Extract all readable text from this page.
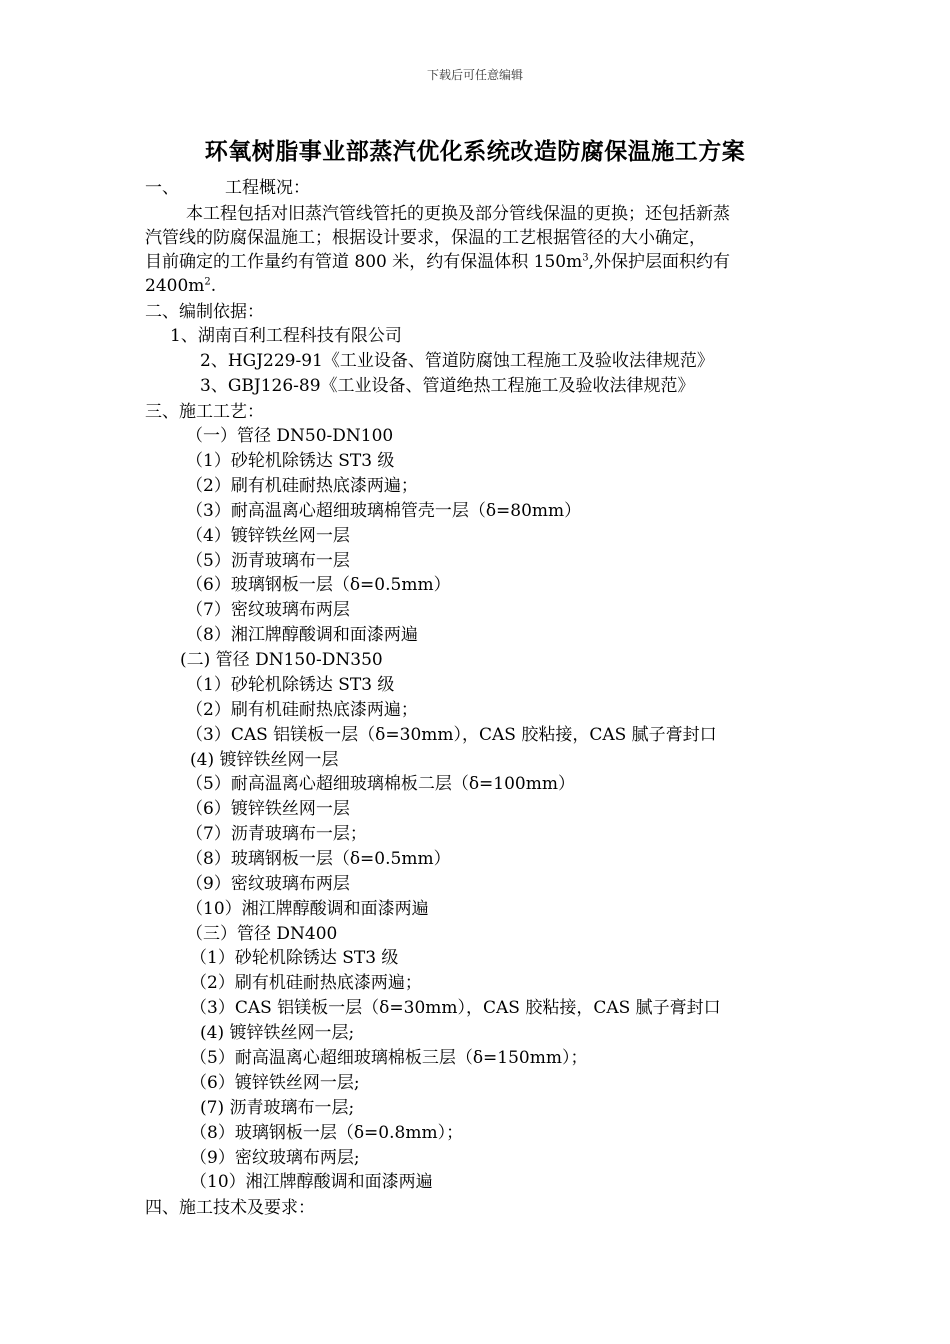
下载后可任意编辑
环氧树脂事业部蒸汽优化系统改造防腐保温施工方案
一、	工程概况：
本工程包括对旧蒸汽管线管托的更换及部分管线保温的更换；还包括新蒸
汽管线的防腐保温施工；根据设计要求，保温的工艺根据管径的大小确定，
目前确定的工作量约有管道 800 米，约有保温体积 $150m^3$,外保护层面积约有
$2400m^2$.
二、编制依据：
1、湖南百利工程科技有限公司
2、HGJ229-91《工业设备、管道防腐蚀工程施工及验收法律规范》
3、GBJ126-89《工业设备、管道绝热工程施工及验收法律规范》
三、施工工艺：
（一）管径 DN50-DN100
（1）砂轮机除锈达 ST3 级
（2）刷有机硅耐热底漆两遍；
（3）耐高温离心超细玻璃棉管壳一层（δ=80mm）
（4）镀锌铁丝网一层
（5）沥青玻璃布一层
（6）玻璃钢板一层（δ=0.5mm）
（7）密纹玻璃布两层
（8）湘江牌醇酸调和面漆两遍
(二) 管径 DN150-DN350
（1）砂轮机除锈达 ST3 级
（2）刷有机硅耐热底漆两遍；
（3）CAS 铝镁板一层（δ=30mm），CAS 胶粘接，CAS 腻子膏封口
(4) 镀锌铁丝网一层
（5）耐高温离心超细玻璃棉板二层（δ=100mm）
（6）镀锌铁丝网一层
（7）沥青玻璃布一层；
（8）玻璃钢板一层（δ=0.5mm）
（9）密纹玻璃布两层
（10）湘江牌醇酸调和面漆两遍
（三）管径 DN400
（1）砂轮机除锈达 ST3 级
（2）刷有机硅耐热底漆两遍；
（3）CAS 铝镁板一层（δ=30mm），CAS 胶粘接，CAS 腻子膏封口
(4) 镀锌铁丝网一层;
（5）耐高温离心超细玻璃棉板三层（δ=150mm）；
（6）镀锌铁丝网一层;
(7) 沥青玻璃布一层;
（8）玻璃钢板一层（δ=0.8mm）；
（9）密纹玻璃布两层;
（10）湘江牌醇酸调和面漆两遍
四、施工技术及要求：
